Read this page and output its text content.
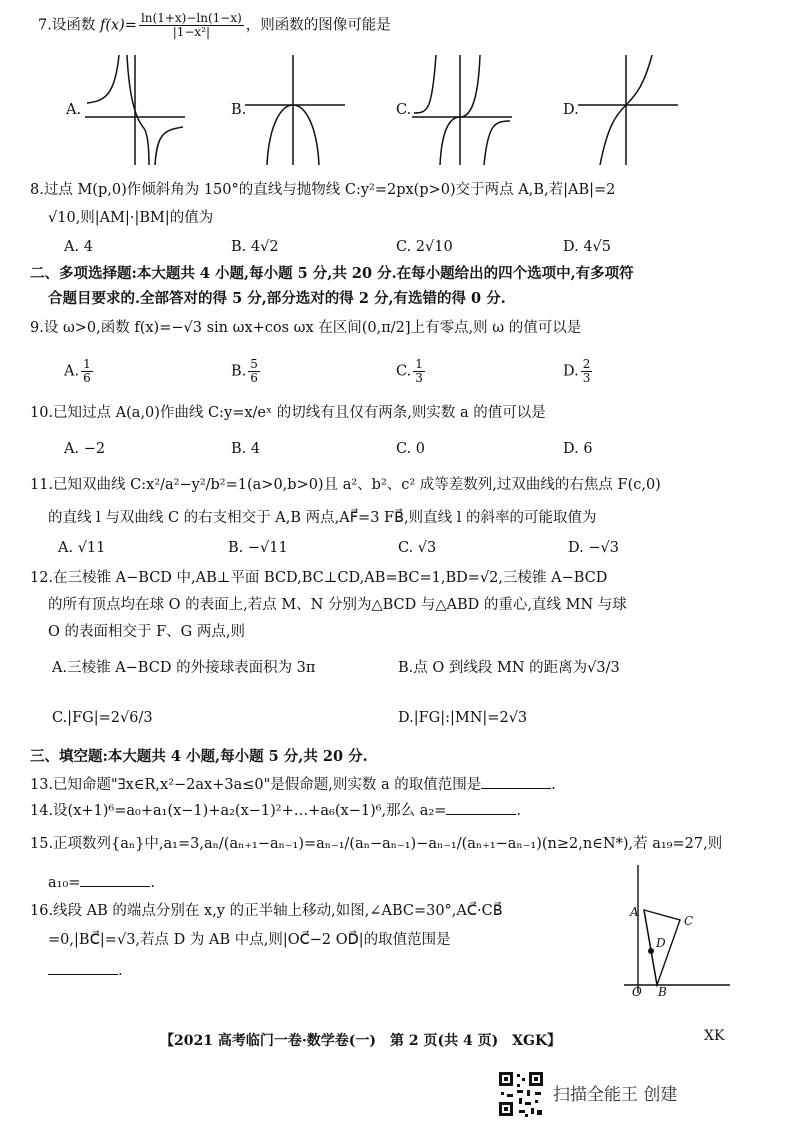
7.设函数 $f(x)= \frac{\ln(1+x)-\ln(1-x)}{\text{|1−x²|}}$ ，则函数的图像可能是
A.	B.	C.	D.
8.过点 M(p,0)作倾斜角为 150°的直线与抛物线 C:y²=2px(p>0)交于两点 A,B,若|AB|=2
√10,则|AM|·|BM|的值为
A. 4	B. 4√2	C. 2√10	D. 4√5
二、多项选择题:本大题共 4 小题,每小题 5 分,共 20 分.在每小题给出的四个选项中,有多项符
合题目要求的.全部答对的得 5 分,部分选对的得 2 分,有选错的得 0 分.
9.设 ω>0,函数 f(x)=−√3 sin ωx+cos ωx 在区间(0,π/2]上有零点,则 ω 的值可以是
A. $\frac{1}{6}$	B. $\frac{5}{6}$	C. $\frac{1}{3}$	D. $\frac{2}{3}$
10.已知过点 A(a,0)作曲线 C:y=x/eˣ 的切线有且仅有两条,则实数 a 的值可以是
A. −2	B. 4	C. 0	D. 6
11.已知双曲线 C:x²/a²−y²/b²=1(a>0,b>0)且 a²、b²、c² 成等差数列,过双曲线的右焦点 F(c,0)
的直线 l 与双曲线 C 的右支相交于 A,B 两点,AF⃗=3 FB⃗,则直线 l 的斜率的可能取值为
A. √11	B. −√11	C. √3	D. −√3
12.在三棱锥 A−BCD 中,AB⊥平面 BCD,BC⊥CD,AB=BC=1,BD=√2,三棱锥 A−BCD
的所有顶点均在球 O 的表面上,若点 M、N 分别为△BCD 与△ABD 的重心,直线 MN 与球
O 的表面相交于 F、G 两点,则
A.三棱锥 A−BCD 的外接球表面积为 3π	B.点 O 到线段 MN 的距离为√3/3
C.|FG|=2√6/3	D.|FG|:|MN|=2√3
三、填空题:本大题共 4 小题,每小题 5 分,共 20 分.
13.已知命题"∃x∈R,x²−2ax+3a≤0"是假命题,则实数 a 的取值范围是	.
14.设(x+1)⁶=a₀+a₁(x−1)+a₂(x−1)²+…+a₆(x−1)⁶,那么 a₂=	.
15.正项数列{aₙ}中,a₁=3,aₙ/(aₙ₊₁−aₙ₋₁)=aₙ₋₁/(aₙ−aₙ₋₁)−aₙ₋₁/(aₙ₊₁−aₙ₋₁)(n≥2,n∈N*),若 a₁₉=27,则
a₁₀=	.
16.线段 AB 的端点分别在 x,y 的正半轴上移动,如图,∠ABC=30°,AC⃗·CB⃗
=0,|BC⃗|=√3,若点 D 为 AB 中点,则|OC⃗−2 OD⃗|的取值范围是
.
A
C
D
O B
【2021 高考临门一卷·数学卷(一)　第 2 页(共 4 页)　XGK】	XK
扫描全能王 创建
